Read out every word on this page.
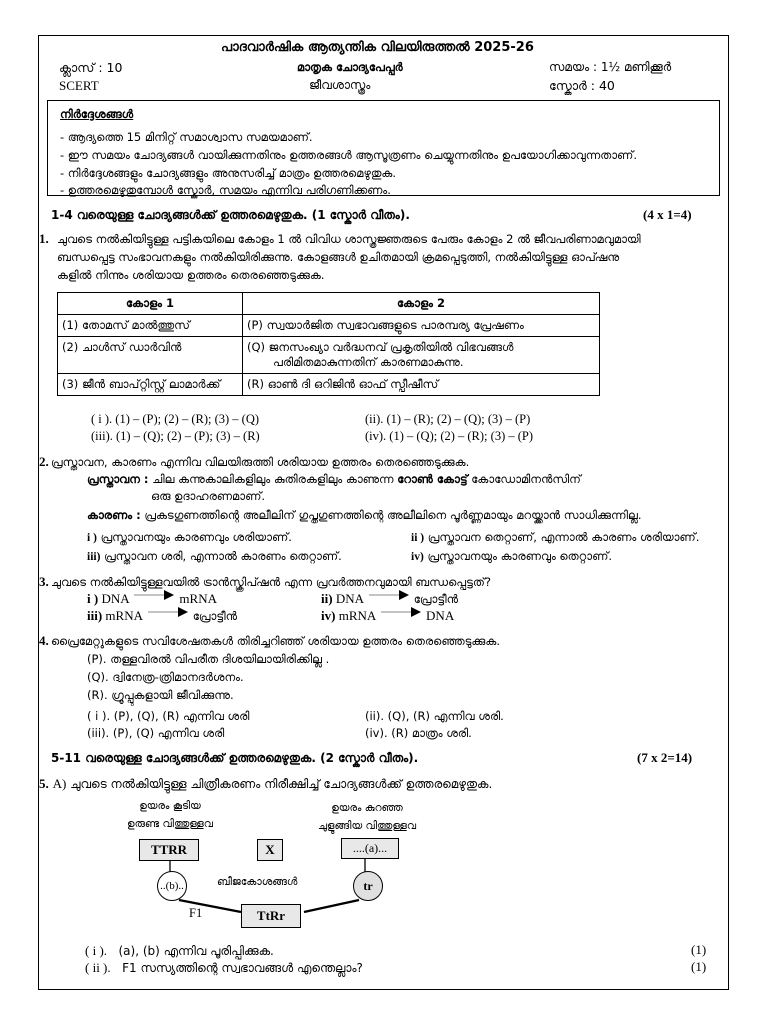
പാദവാർഷിക ആത്യന്തിക വിലയിരുത്തൽ 2025-26
ക്ലാസ് : 10	മാതൃക ചോദ്യപേപ്പർ	സമയം : 1½ മണിക്കൂർ
SCERT	ജീവശാസ്ത്രം	സ്കോർ : 40
നിർദ്ദേശങ്ങൾ
- ആദ്യത്തെ 15 മിനിറ്റ് സമാശ്വാസ സമയമാണ്.
- ഈ സമയം ചോദ്യങ്ങൾ വായിക്കുന്നതിനും ഉത്തരങ്ങൾ ആസൂത്രണം ചെയ്യുന്നതിനും ഉപയോഗിക്കാവുന്നതാണ്.
- നിർദ്ദേശങ്ങളും ചോദ്യങ്ങളും അനുസരിച്ച് മാത്രം ഉത്തരമെഴുതുക.
- ഉത്തരമെഴുതുമ്പോൾ സ്കോർ, സമയം എന്നിവ പരിഗണിക്കണം.
1-4 വരെയുള്ള ചോദ്യങ്ങൾക്ക് ഉത്തരമെഴുതുക. (1 സ്കോർ വീതം).	(4 x 1=4)
1. ചുവടെ നൽകിയിട്ടുള്ള പട്ടികയിലെ കോളം 1 ൽ വിവിധ ശാസ്ത്രജ്ഞരുടെ പേരും കോളം 2 ൽ ജീവപരിണാമവുമായി
ബന്ധപ്പെട്ട സംഭാവനകളും നൽകിയിരിക്കുന്നു. കോളങ്ങൾ ഉചിതമായി ക്രമപ്പെടുത്തി, നൽകിയിട്ടുള്ള ഓപ്ഷനു
കളിൽ നിന്നും ശരിയായ ഉത്തരം തെരഞ്ഞെടുക്കുക.
കോളം 1	കോളം 2
(1) തോമസ് മാൽത്തുസ്	(P) സ്വയാർജിത സ്വഭാവങ്ങളുടെ പാരമ്പര്യ പ്രേഷണം
(2) ചാൾസ് ഡാർവിൻ	(Q) ജനസംഖ്യാ വർദ്ധനവ് പ്രകൃതിയിൽ വിഭവങ്ങൾ
പരിമിതമാകുന്നതിന് കാരണമാകുന്നു.

(3) ജീൻ ബാപ്റ്റിസ്റ്റ് ലാമാർക്ക്	(R) ഓൺ ദി ഒറിജിൻ ഓഫ് സ്പീഷീസ്
( i ). (1) – (P); (2) – (R); (3) – (Q)	(ii). (1) – (R); (2) – (Q); (3) – (P)
(iii). (1) – (Q); (2) – (P); (3) – (R)	(iv). (1) – (Q); (2) – (R); (3) – (P)
2. പ്രസ്താവന, കാരണം എന്നിവ വിലയിരുത്തി ശരിയായ ഉത്തരം തെരഞ്ഞെടുക്കുക.
പ്രസ്താവന : ചില കന്നുകാലികളിലും കുതിരകളിലും കാണുന്ന റോൺ കോട്ട് കോഡോമിനൻസിന്
ഒരു ഉദാഹരണമാണ്.
കാരണം : പ്രകടഗുണത്തിന്റെ അലീലിന് ഗുപ്തഗുണത്തിന്റെ അലീലിനെ പൂർണ്ണമായും മറയ്ക്കാൻ സാധിക്കുന്നില്ല.
i ) പ്രസ്താവനയും കാരണവും ശരിയാണ്.	ii ) പ്രസ്താവന തെറ്റാണ്, എന്നാൽ കാരണം ശരിയാണ്.
iii) പ്രസ്താവന ശരി, എന്നാൽ കാരണം തെറ്റാണ്.	iv) പ്രസ്താവനയും കാരണവും തെറ്റാണ്.
3. ചുവടെ നൽകിയിട്ടുള്ളവയിൽ ട്രാൻസ്ക്രിപ്ഷൻ എന്ന പ്രവർത്തനവുമായി ബന്ധപ്പെട്ടത്?
i ) DNA	mRNA	ii) DNA	പ്രോട്ടീൻ
iii) mRNA	പ്രോട്ടീൻ	iv) mRNA	DNA
4. പ്രൈമേറ്റുകളുടെ സവിശേഷതകൾ തിരിച്ചറിഞ്ഞ് ശരിയായ ഉത്തരം തെരഞ്ഞെടുക്കുക.
(P). തള്ളവിരൽ വിപരീത ദിശയിലായിരിക്കില്ല .
(Q). ദ്വിനേത്ര-ത്രിമാനദർശനം.
(R). ഗ്രൂപ്പുകളായി ജീവിക്കുന്നു.
( i ). (P), (Q), (R) എന്നിവ ശരി	(ii). (Q), (R) എന്നിവ ശരി.
(iii). (P), (Q) എന്നിവ ശരി	(iv). (R) മാത്രം ശരി.
5-11 വരെയുള്ള ചോദ്യങ്ങൾക്ക് ഉത്തരമെഴുതുക. (2 സ്കോർ വീതം).	(7 x 2=14)
5. A) ചുവടെ നൽകിയിട്ടുള്ള ചിത്രീകരണം നിരീക്ഷിച്ച് ചോദ്യങ്ങൾക്ക് ഉത്തരമെഴുതുക.
ഉയരം കൂടിയ
ഉരുണ്ട വിത്തുള്ളവ
ഉയരം കുറഞ്ഞ
ചുളുങ്ങിയ വിത്തുള്ളവ
TTRR	X	....(a)...
..(b)..	tr
ബീജകോശങ്ങൾ
F1	TtRr
( i ). (a), (b) എന്നിവ പൂരിപ്പിക്കുക.	(1)
( ii ). F1 സസ്യത്തിന്റെ സ്വഭാവങ്ങൾ എന്തെല്ലാം?	(1)
